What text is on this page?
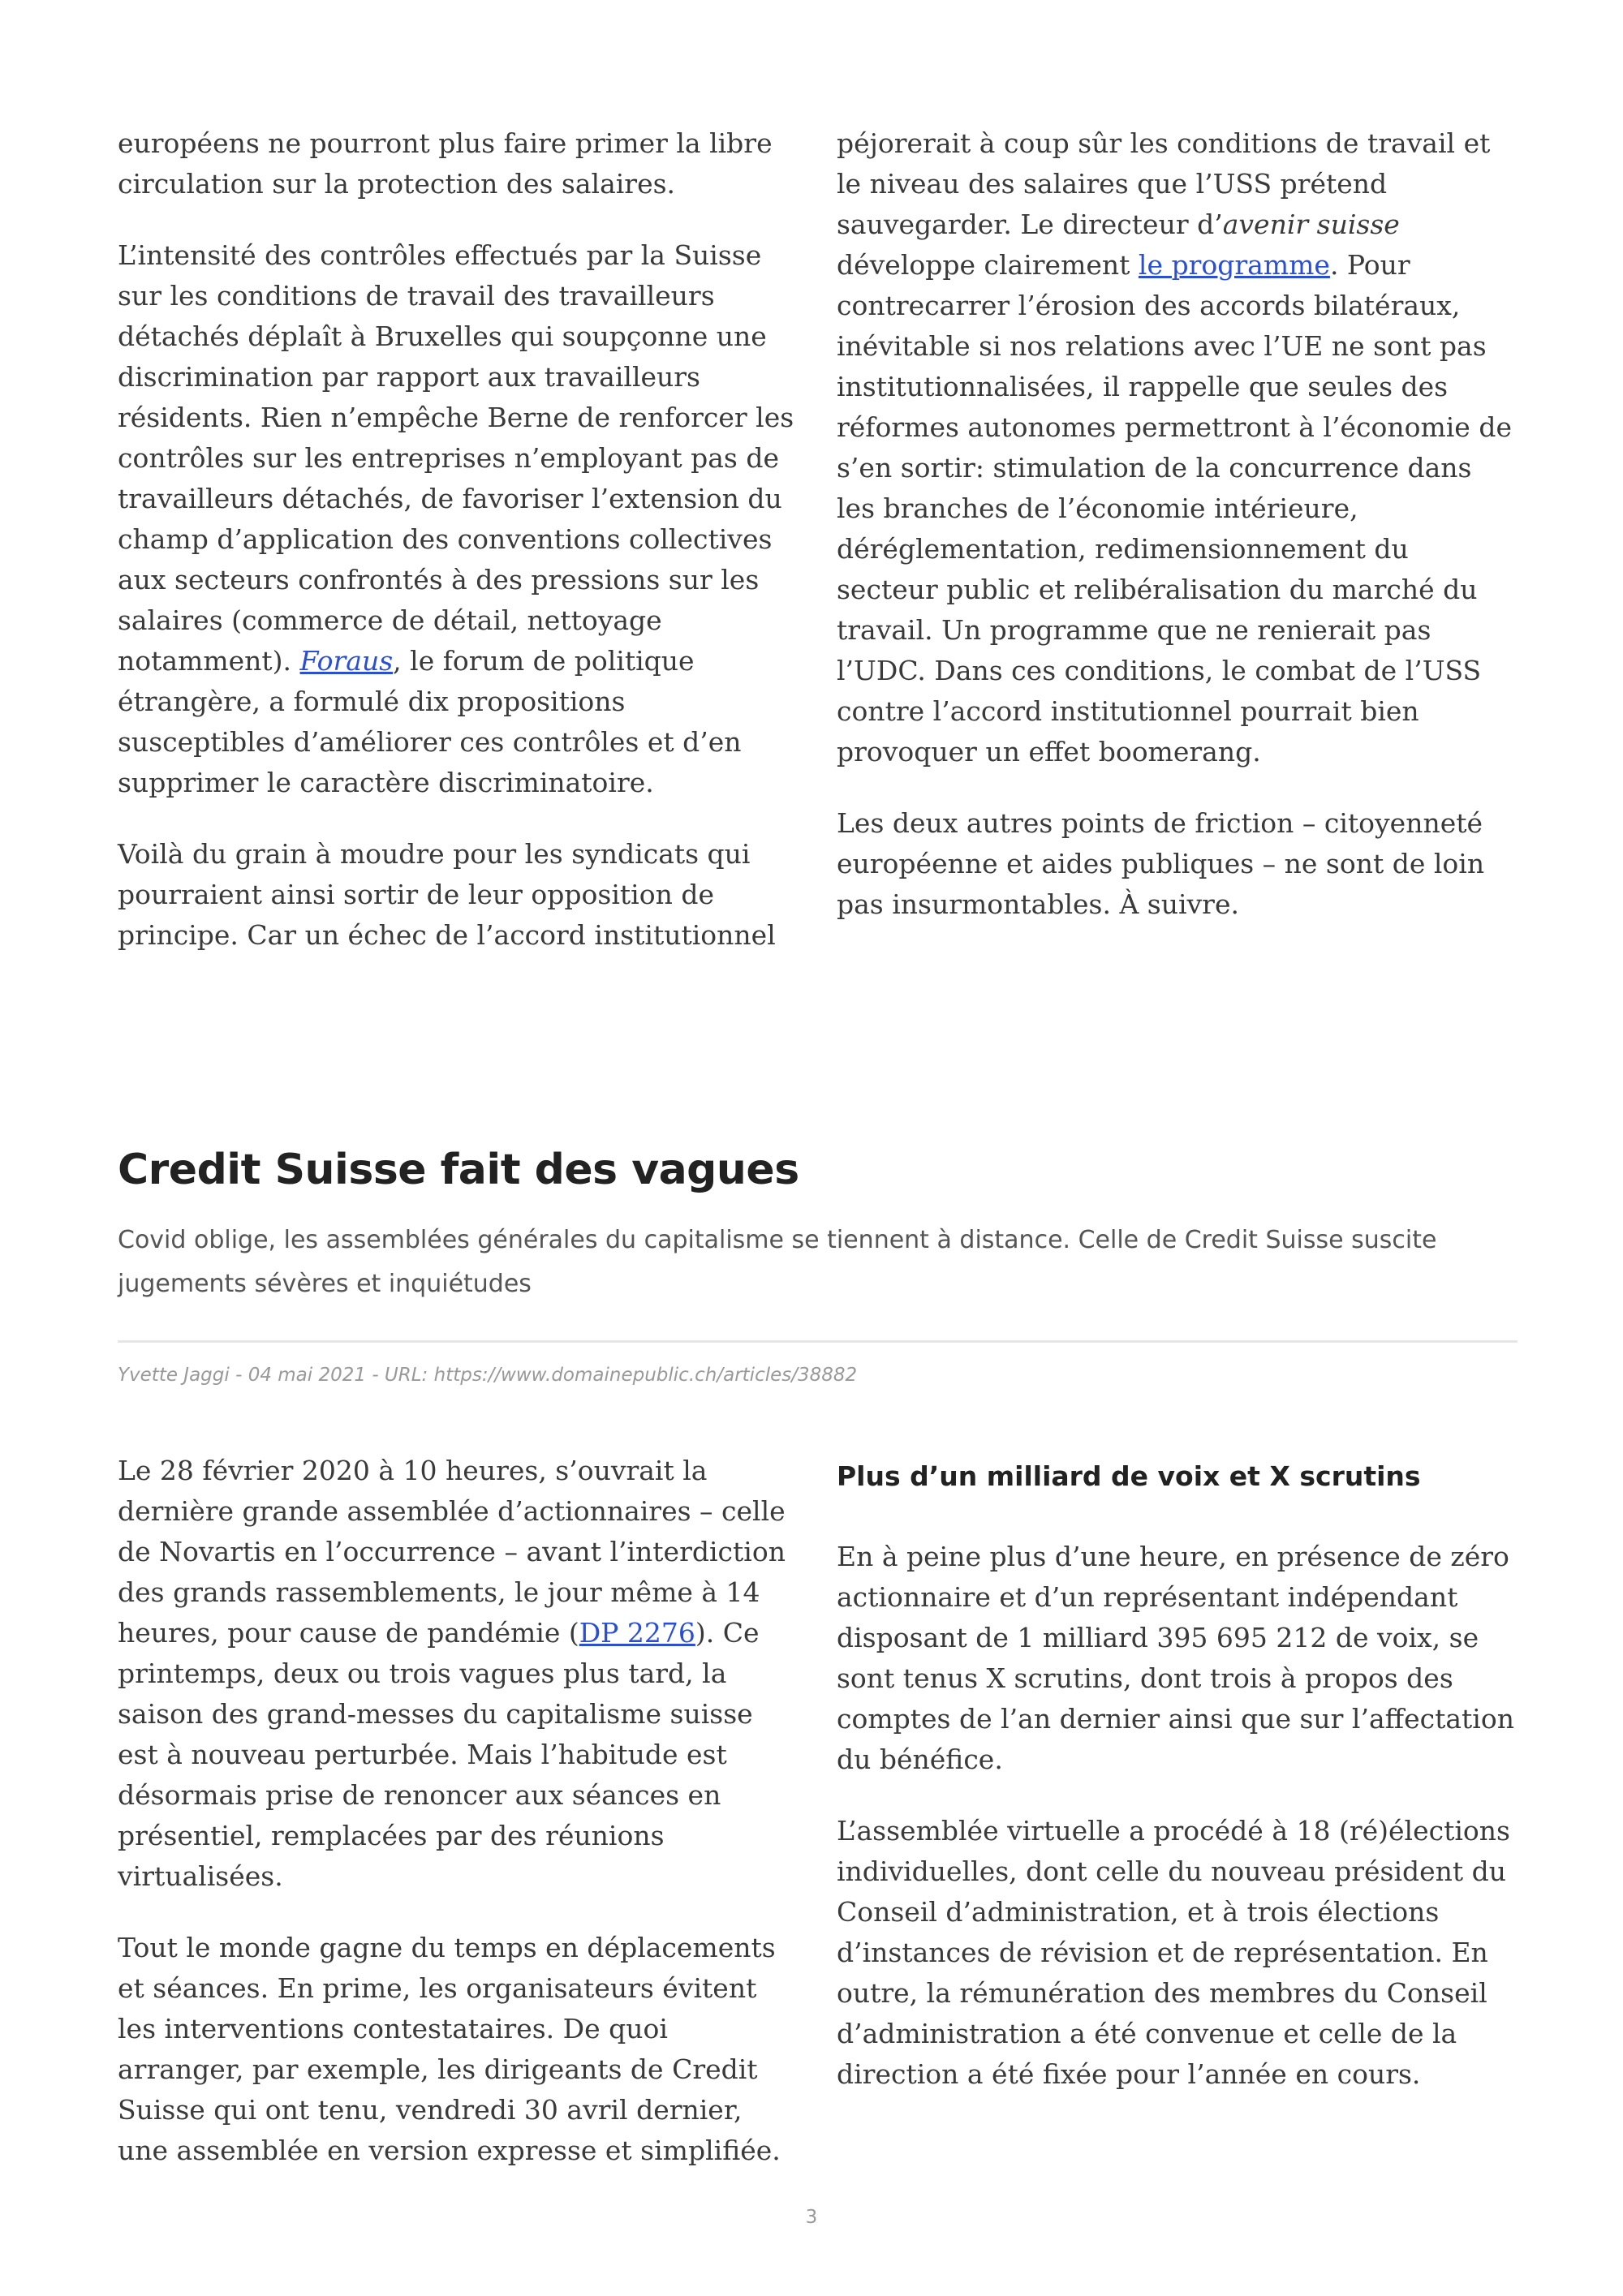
européens ne pourront plus faire primer la libre circulation sur la protection des salaires.

L’intensité des contrôles effectués par la Suisse sur les conditions de travail des travailleurs détachés déplaît à Bruxelles qui soupçonne une discrimination par rapport aux travailleurs résidents. Rien n’empêche Berne de renforcer les contrôles sur les entreprises n’employant pas de travailleurs détachés, de favoriser l’extension du champ d’application des conventions collectives aux secteurs confrontés à des pressions sur les salaires (commerce de détail, nettoyage notamment). Foraus, le forum de politique étrangère, a formulé dix propositions susceptibles d’améliorer ces contrôles et d’en supprimer le caractère discriminatoire.

Voilà du grain à moudre pour les syndicats qui pourraient ainsi sortir de leur opposition de principe. Car un échec de l’accord institutionnel

péjorerait à coup sûr les conditions de travail et le niveau des salaires que l’USS prétend sauvegarder. Le directeur d’avenir suisse développe clairement le programme. Pour contrecarrer l’érosion des accords bilatéraux, inévitable si nos relations avec l’UE ne sont pas institutionnalisées, il rappelle que seules des réformes autonomes permettront à l’économie de s’en sortir: stimulation de la concurrence dans les branches de l’économie intérieure, déréglementation, redimensionnement du secteur public et relibéralisation du marché du travail. Un programme que ne renierait pas l’UDC. Dans ces conditions, le combat de l’USS contre l’accord institutionnel pourrait bien provoquer un effet boomerang.

Les deux autres points de friction – citoyenneté européenne et aides publiques – ne sont de loin pas insurmontables. À suivre.

Credit Suisse fait des vagues

Covid oblige, les assemblées générales du capitalisme se tiennent à distance. Celle de Credit Suisse suscite jugements sévères et inquiétudes

Yvette Jaggi - 04 mai 2021 - URL: https://www.domainepublic.ch/articles/38882

Le 28 février 2020 à 10 heures, s’ouvrait la dernière grande assemblée d’actionnaires – celle de Novartis en l’occurrence – avant l’interdiction des grands rassemblements, le jour même à 14 heures, pour cause de pandémie (DP 2276). Ce printemps, deux ou trois vagues plus tard, la saison des grand-messes du capitalisme suisse est à nouveau perturbée. Mais l’habitude est désormais prise de renoncer aux séances en présentiel, remplacées par des réunions virtualisées.

Tout le monde gagne du temps en déplacements et séances. En prime, les organisateurs évitent les interventions contestataires. De quoi arranger, par exemple, les dirigeants de Credit Suisse qui ont tenu, vendredi 30 avril dernier, une assemblée en version expresse et simplifiée.

Plus d’un milliard de voix et X scrutins

En à peine plus d’une heure, en présence de zéro actionnaire et d’un représentant indépendant disposant de 1 milliard 395 695 212 de voix, se sont tenus X scrutins, dont trois à propos des comptes de l’an dernier ainsi que sur l’affectation du bénéfice.

L’assemblée virtuelle a procédé à 18 (ré)élections individuelles, dont celle du nouveau président du Conseil d’administration, et à trois élections d’instances de révision et de représentation. En outre, la rémunération des membres du Conseil d’administration a été convenue et celle de la direction a été fixée pour l’année en cours.

3
